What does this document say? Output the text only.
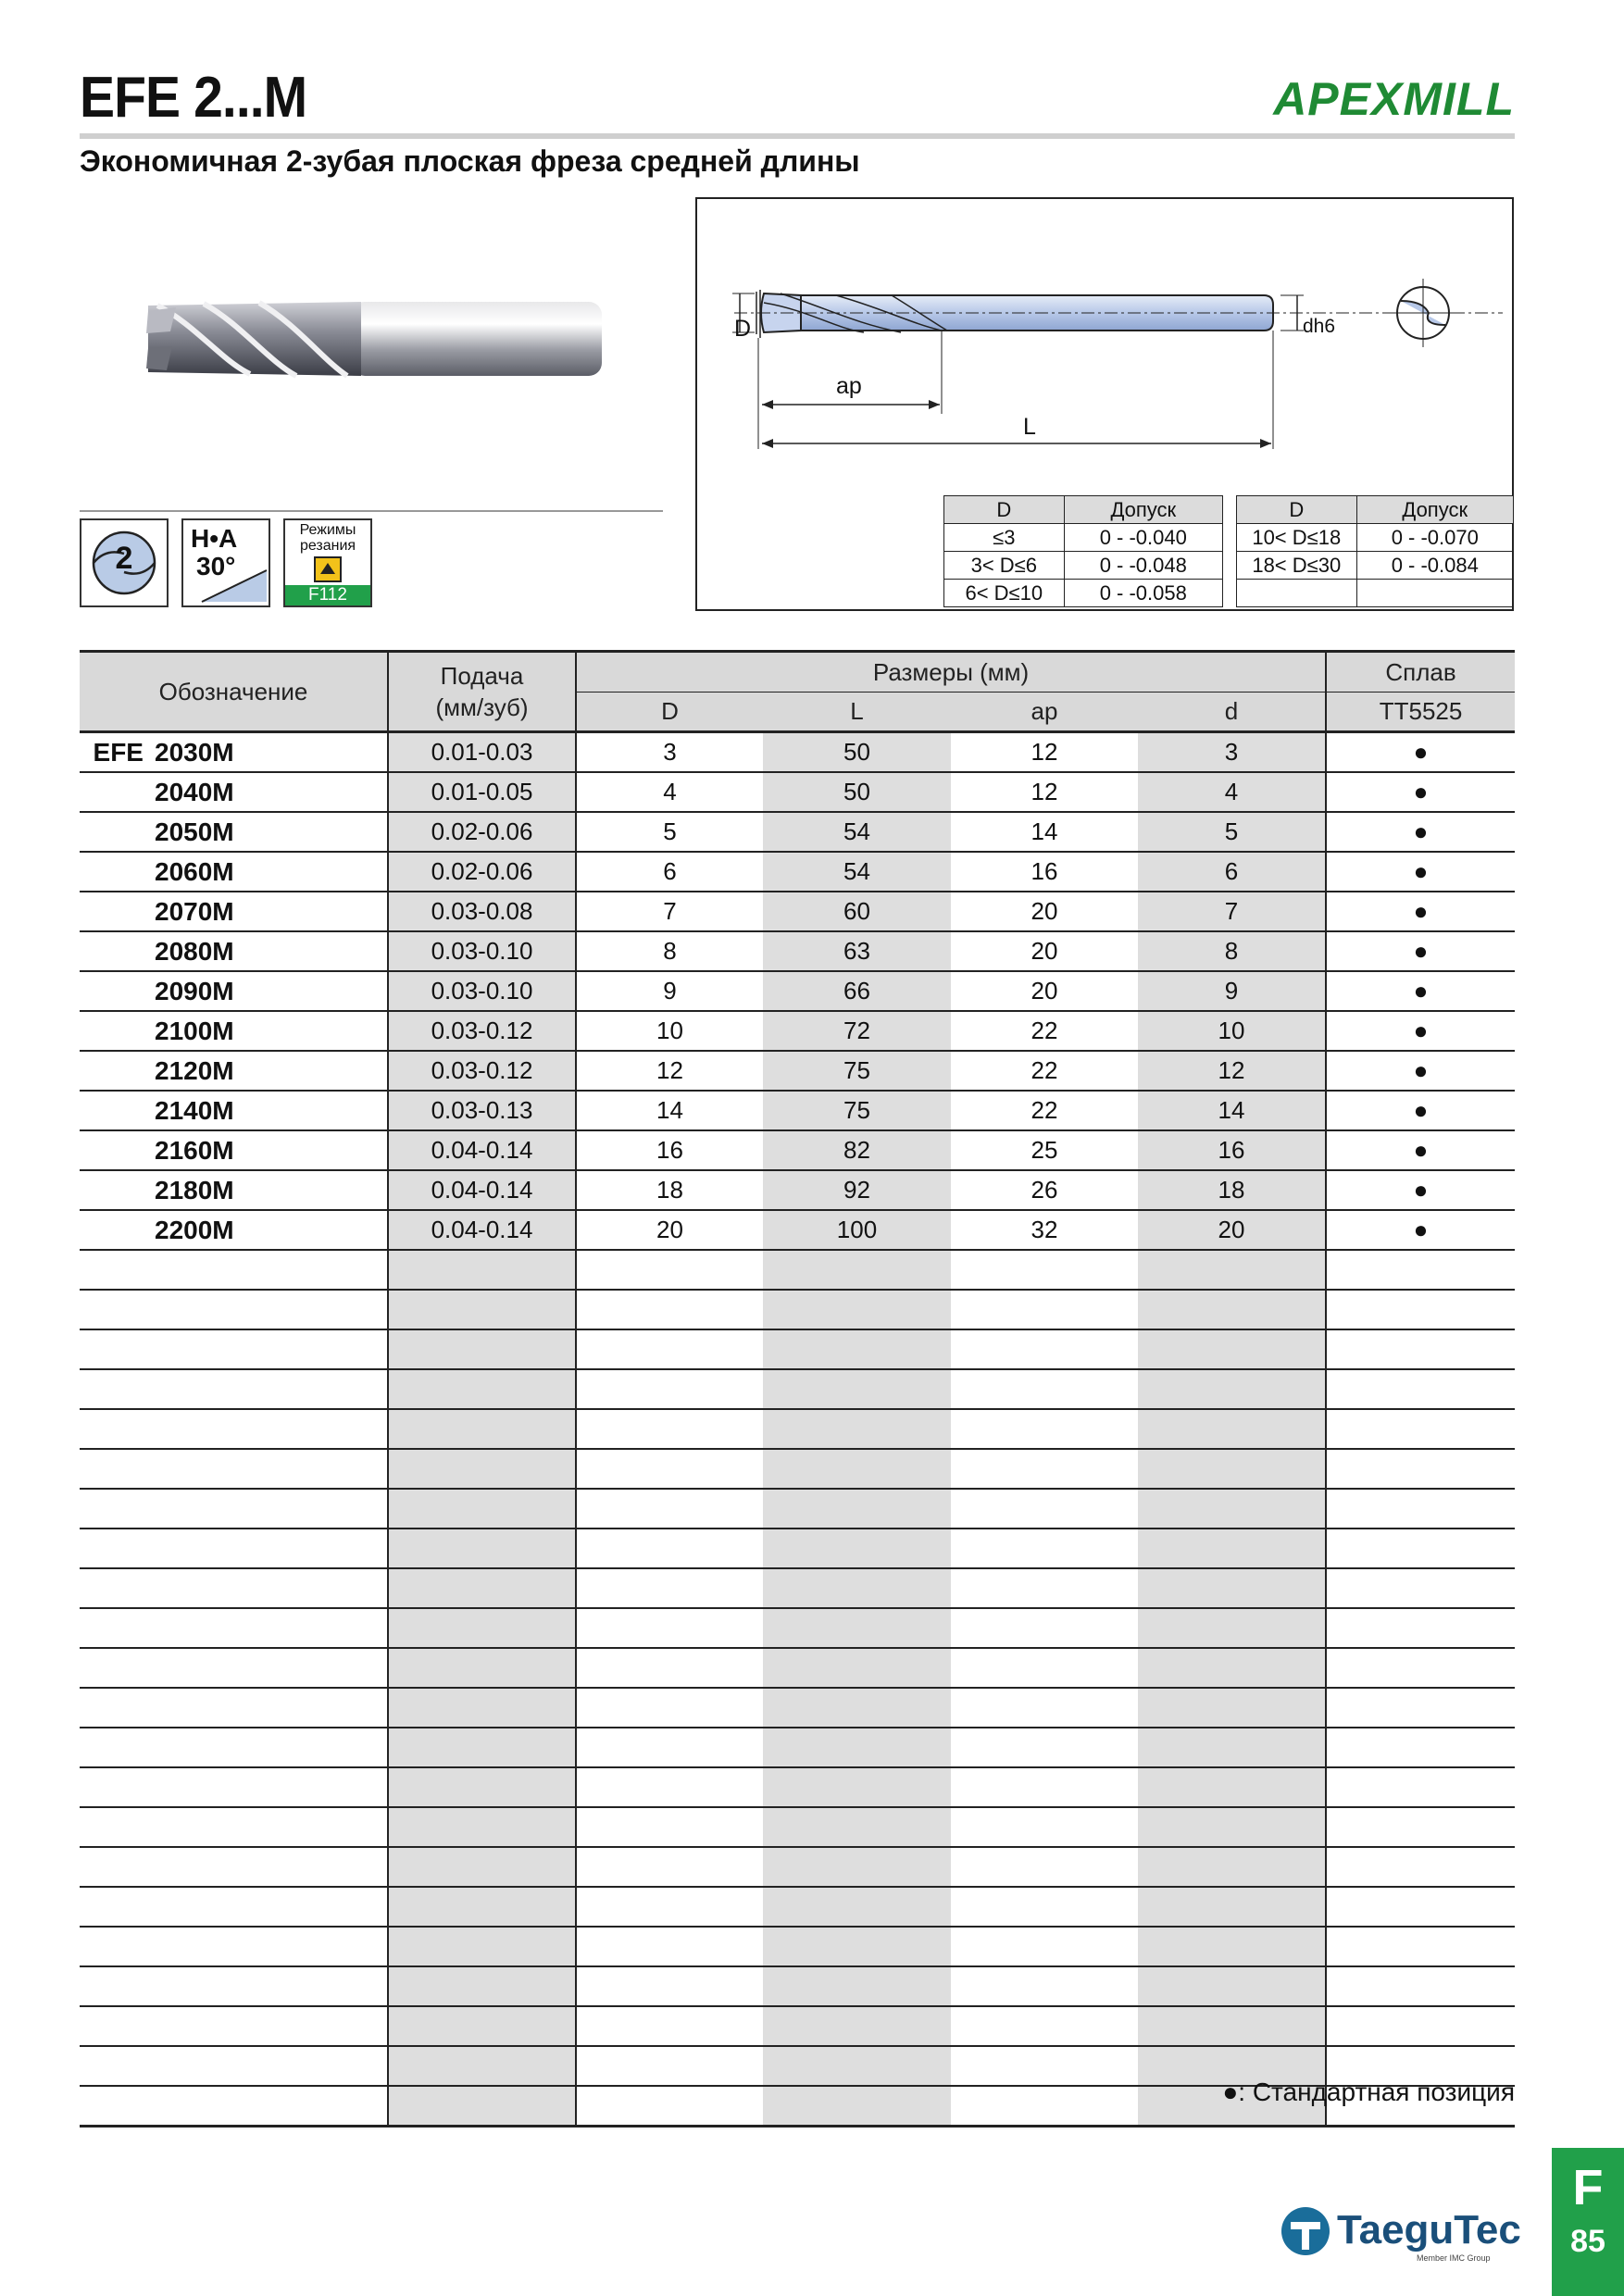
EFE 2...M	APEXMILL
Экономичная 2-зубая плоская фреза средней длины
2
H•A
30°
Режимы
резания
F112
D	dh6
ap
L
D	Допуск
≤3	0 - -0.040
3< D≤6	0 - -0.048
6< D≤10	0 - -0.058
D	Допуск
10< D≤18	0 - -0.070
18< D≤30	0 - -0.084

Обозначение		Подача
(мм/зуб)	Размеры (мм)				Сплав
			D	L	ap	d	TT5525
EFE	2030M	0.01-0.03	3	50	12	3	●
	2040M	0.01-0.05	4	50	12	4	●
	2050M	0.02-0.06	5	54	14	5	●
	2060M	0.02-0.06	6	54	16	6	●
	2070M	0.03-0.08	7	60	20	7	●
	2080M	0.03-0.10	8	63	20	8	●
	2090M	0.03-0.10	9	66	20	9	●
	2100M	0.03-0.12	10	72	22	10	●
	2120M	0.03-0.12	12	75	22	12	●
	2140M	0.03-0.13	14	75	22	14	●
	2160M	0.04-0.14	16	82	25	16	●
	2180M	0.04-0.14	18	92	26	18	●
	2200M	0.04-0.14	20	100	32	20	●

●: Стандартная позиция
TaeguTec
Member IMC Group
F
85
